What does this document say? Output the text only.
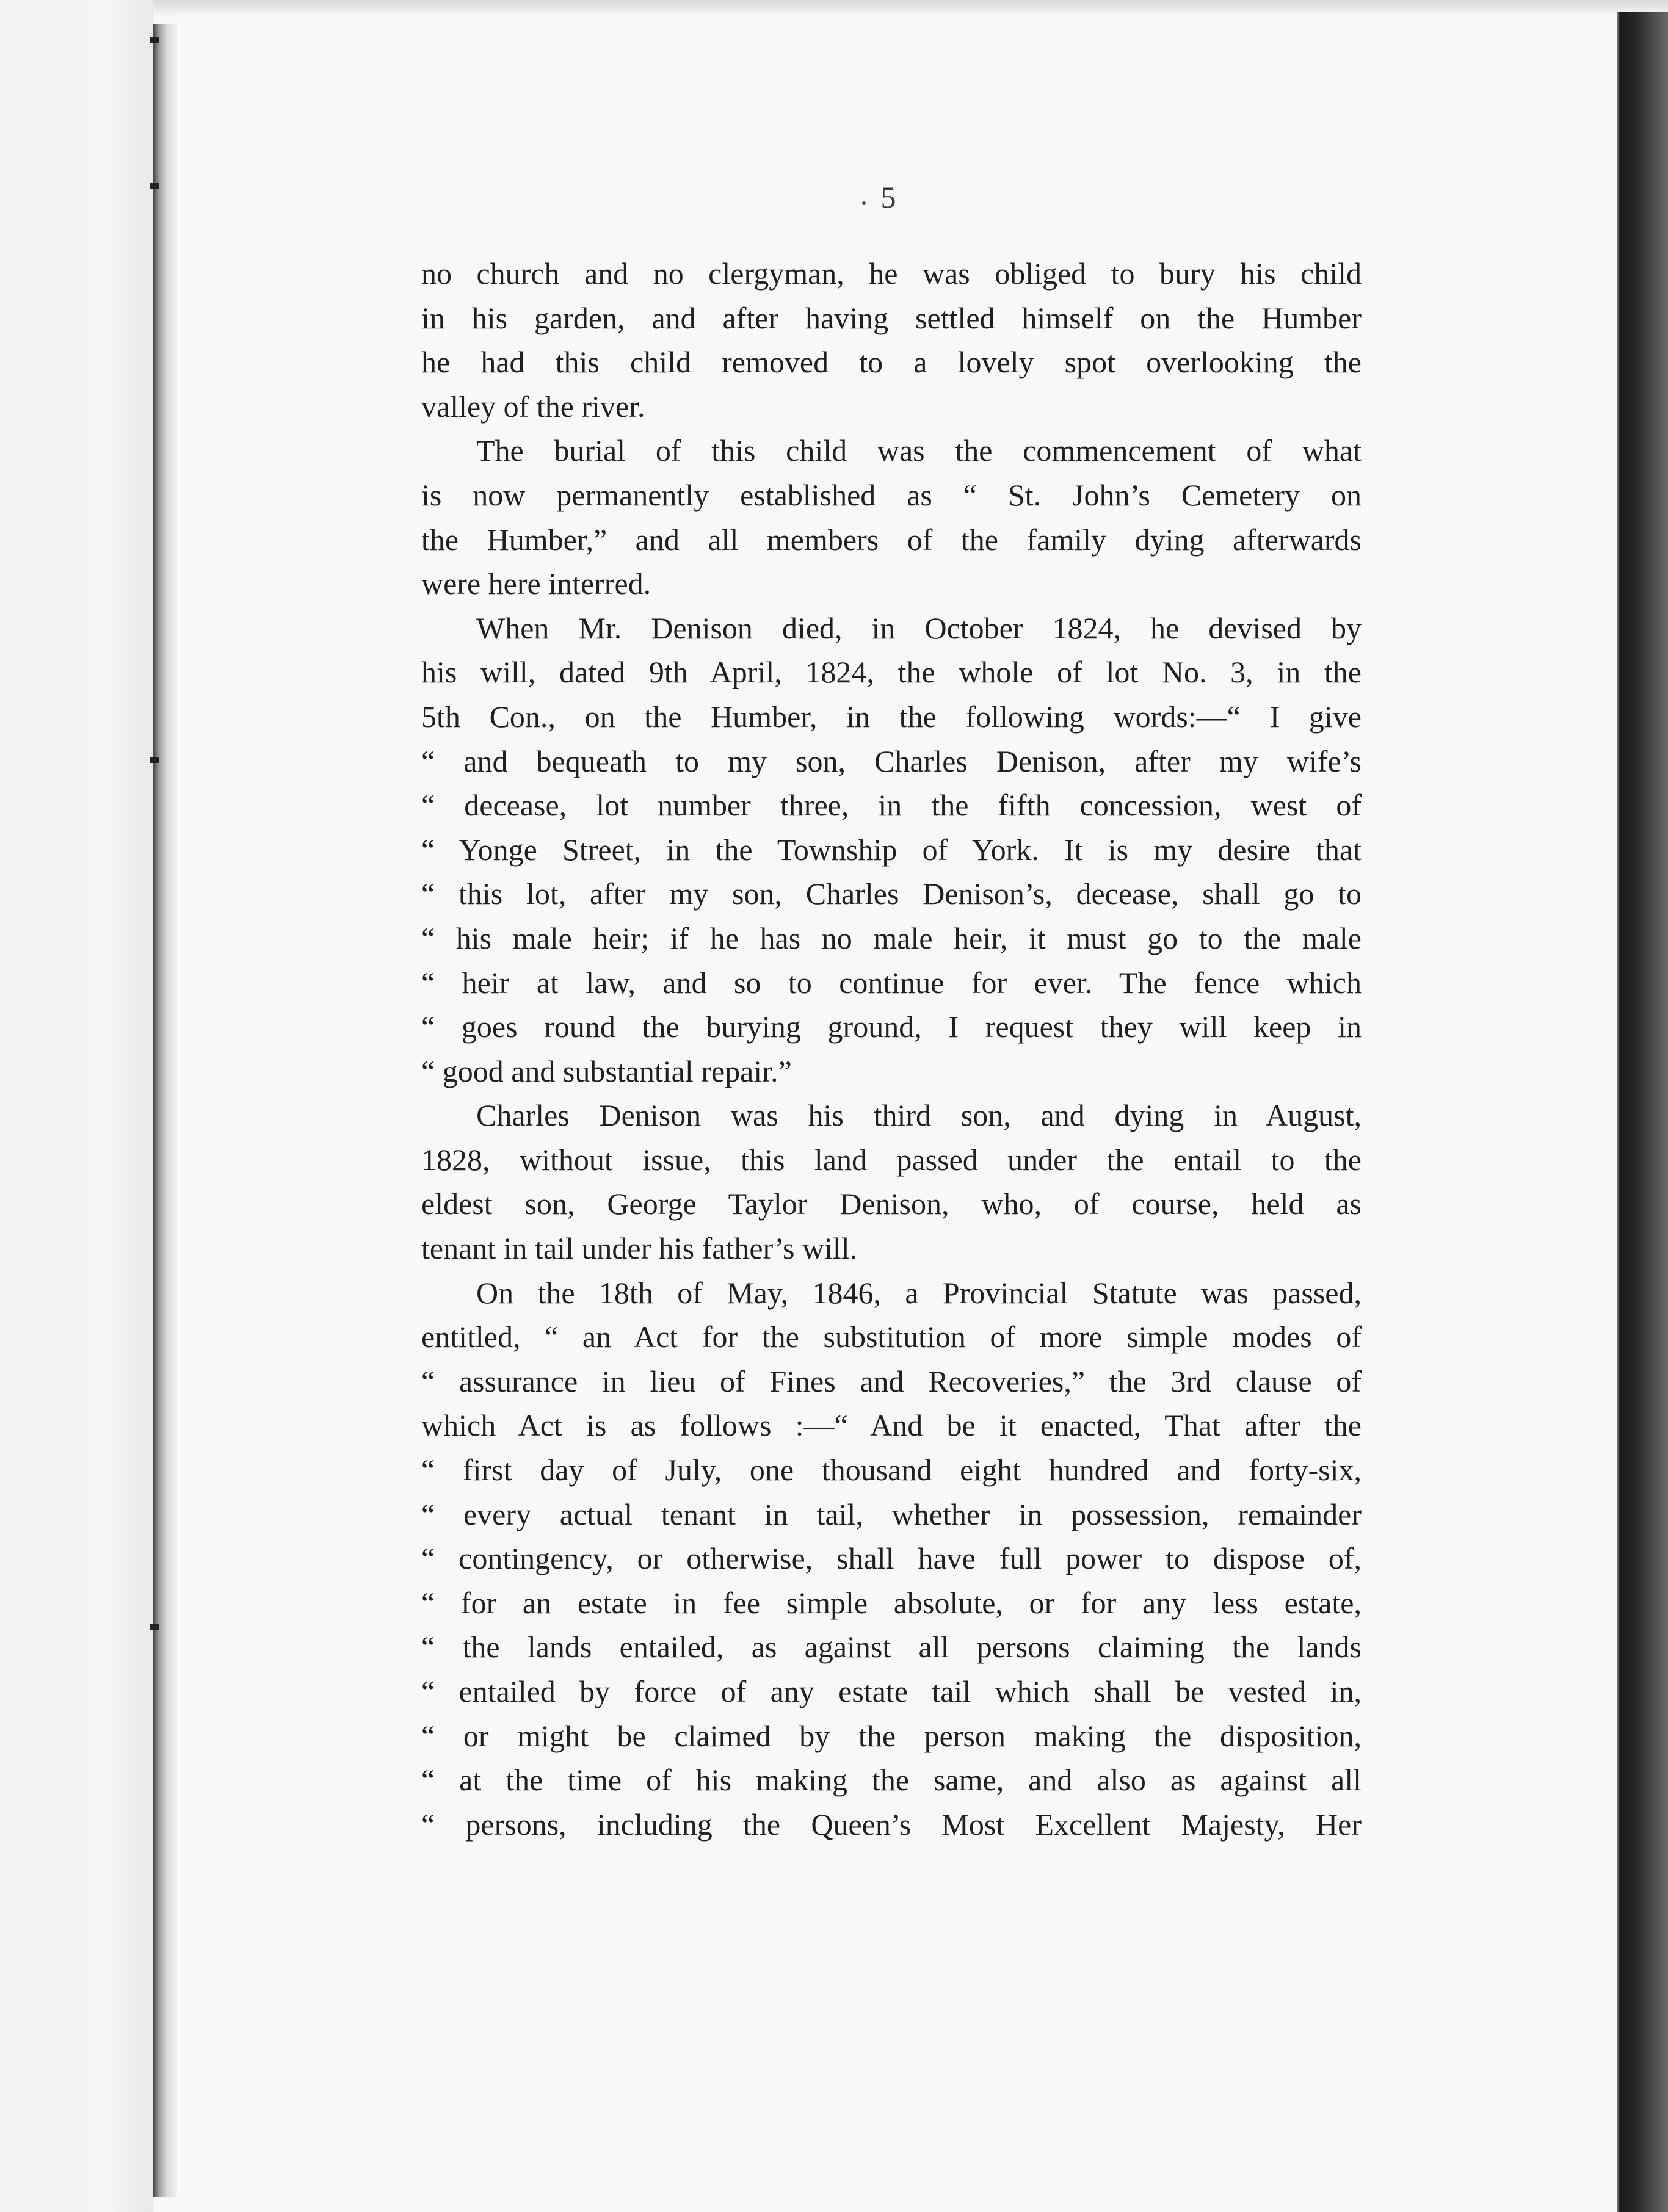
5
no church and no clergyman, he was obliged to bury his child
in his garden, and after having settled himself on the Humber
he had this child removed to a lovely spot overlooking the
valley of the river.
The burial of this child was the commencement of what
is now permanently established as “ St. John’s Cemetery on
the Humber,” and all members of the family dying afterwards
were here interred.
When Mr. Denison died, in October 1824, he devised by
his will, dated 9th April, 1824, the whole of lot No. 3, in the
5th Con., on the Humber, in the following words:—“ I give
“ and bequeath to my son, Charles Denison, after my wife’s
“ decease, lot number three, in the fifth concession, west of
“ Yonge Street, in the Township of York. It is my desire that
“ this lot, after my son, Charles Denison’s, decease, shall go to
“ his male heir; if he has no male heir, it must go to the male
“ heir at law, and so to continue for ever. The fence which
“ goes round the burying ground, I request they will keep in
“ good and substantial repair.”
Charles Denison was his third son, and dying in August,
1828, without issue, this land passed under the entail to the
eldest son, George Taylor Denison, who, of course, held as
tenant in tail under his father’s will.
On the 18th of May, 1846, a Provincial Statute was passed,
entitled, “ an Act for the substitution of more simple modes of
“ assurance in lieu of Fines and Recoveries,” the 3rd clause of
which Act is as follows :—“ And be it enacted, That after the
“ first day of July, one thousand eight hundred and forty-six,
“ every actual tenant in tail, whether in possession, remainder
“ contingency, or otherwise, shall have full power to dispose of,
“ for an estate in fee simple absolute, or for any less estate,
“ the lands entailed, as against all persons claiming the lands
“ entailed by force of any estate tail which shall be vested in,
“ or might be claimed by the person making the disposition,
“ at the time of his making the same, and also as against all
“ persons, including the Queen’s Most Excellent Majesty, Her
